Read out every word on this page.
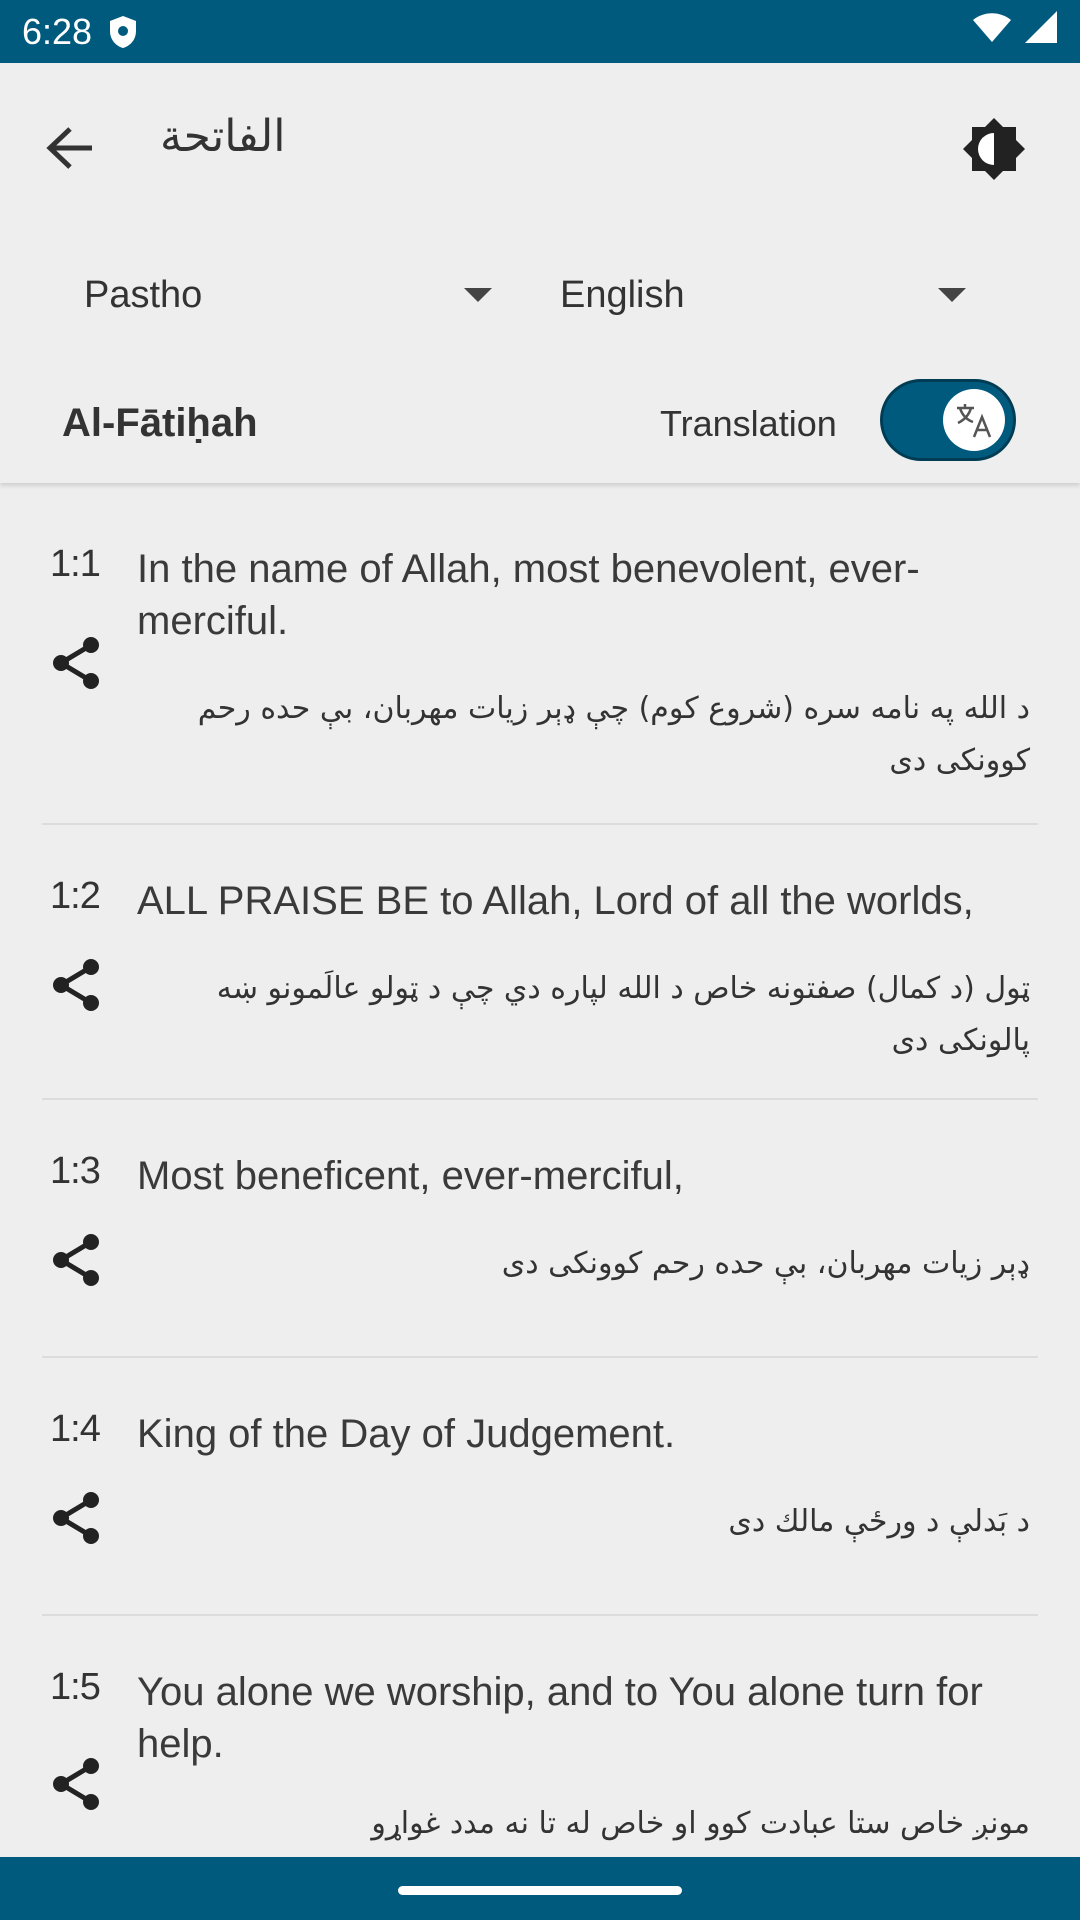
6:28
الفاتحة
Pastho	English
Al-Fātiḥah	Translation
1:1 In the name of Allah, most benevolent, ever-merciful.
د الله په نامه سره (شروع كوم) چې ډېر زيات مهربان، بې حده رحم كوونكى دى
1:2 ALL PRAISE BE to Allah, Lord of all the worlds,
ټول (د كمال) صفتونه خاص د الله لپاره دي چې د ټولو عالَمونو ښه پالونكى دى
1:3 Most beneficent, ever-merciful,
ډېر زيات مهربان، بې حده رحم كوونكى دى
1:4 King of the Day of Judgement.
د بَدلې د ورځې مالك دى
1:5 You alone we worship, and to You alone turn for help.
مونږ خاص ستا عبادت كوو او خاص له تا نه مدد غواړو
